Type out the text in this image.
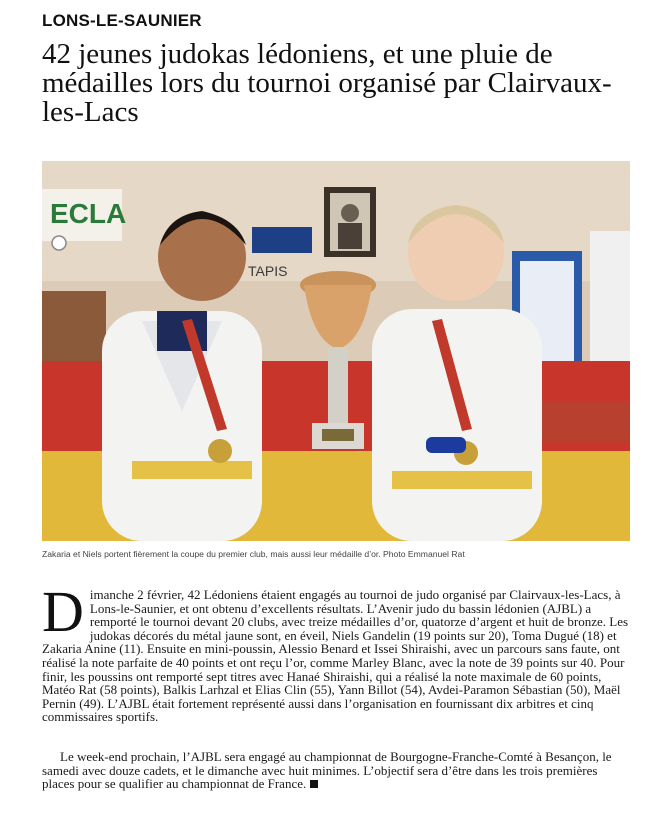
LONS-LE-SAUNIER
42 jeunes judokas lédoniens, et une pluie de médailles lors du tournoi organisé par Clairvaux-les-Lacs
ECLA
TAPIS
Zakaria et Niels portent fièrement la coupe du premier club, mais aussi leur médaille d’or. Photo Emmanuel Rat

Dimanche 2 février, 42 Lédoniens étaient engagés au tournoi de judo organisé par Clairvaux-les-Lacs, à Lons-le-Saunier, et ont obtenu d’excellents résultats. L’Avenir judo du bassin lédonien (AJBL) a remporté le tournoi devant 20 clubs, avec treize médailles d’or, quatorze d’argent et huit de bronze. Les judokas décorés du métal jaune sont, en éveil, Niels Gandelin (19 points sur 20), Toma Dugué (18) et Zakaria Anine (11). Ensuite en mini-poussin, Alessio Benard et Issei Shiraishi, avec un parcours sans faute, ont réalisé la note parfaite de 40 points et ont reçu l’or, comme Marley Blanc, avec la note de 39 points sur 40. Pour finir, les poussins ont remporté sept titres avec Hanaé Shiraishi, qui a réalisé la note maximale de 60 points, Matéo Rat (58 points), Balkis Larhzal et Elias Clin (55), Yann Billot (54), Avdei-Paramon Sébastian (50), Maël Pernin (49). L’AJBL était fortement représenté aussi dans l’organisation en fournissant dix arbitres et cinq commissaires sportifs.

Le week-end prochain, l’AJBL sera engagé au championnat de Bourgogne-Franche-Comté à Besançon, le samedi avec douze cadets, et le dimanche avec huit minimes. L’objectif sera d’être dans les trois premières places pour se qualifier au championnat de France.
